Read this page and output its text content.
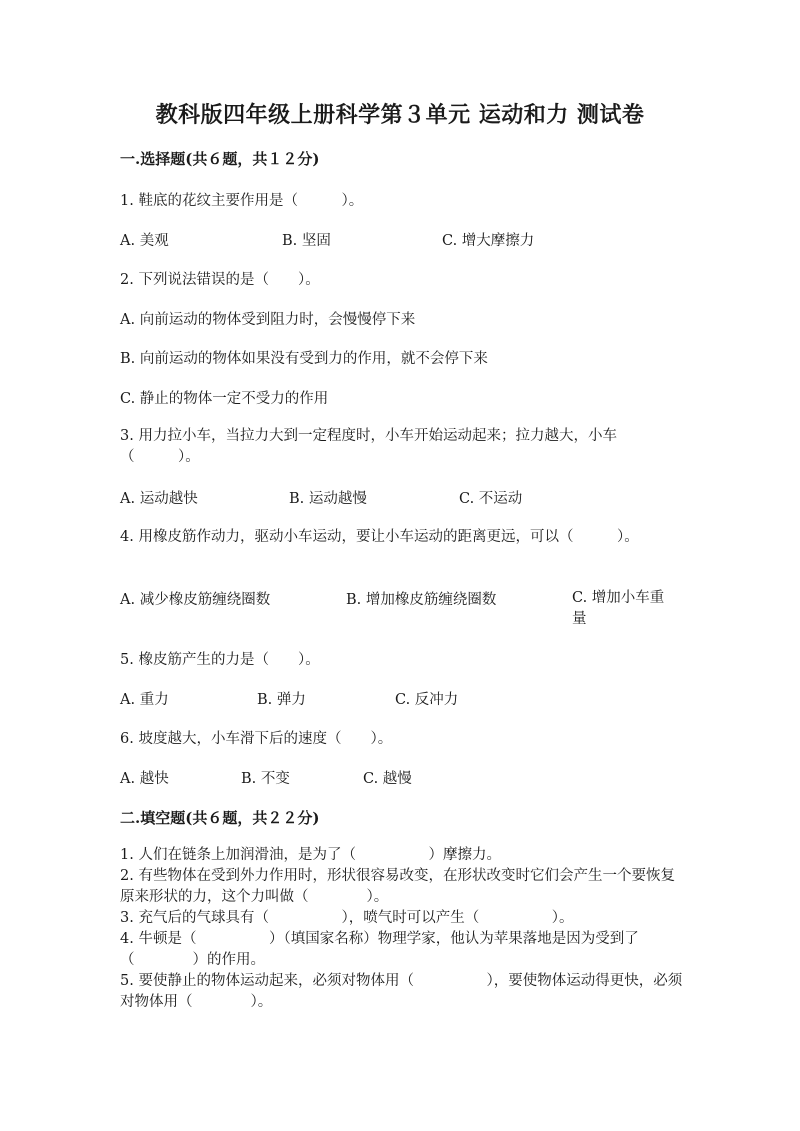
教科版四年级上册科学第３单元 运动和力 测试卷
一.选择题(共６题，共１２分)
1. 鞋底的花纹主要作用是（　　　）。
A. 美观	B. 坚固	C. 增大摩擦力
2. 下列说法错误的是（　　）。
A. 向前运动的物体受到阻力时，会慢慢停下来
B. 向前运动的物体如果没有受到力的作用，就不会停下来
C. 静止的物体一定不受力的作用
3. 用力拉小车，当拉力大到一定程度时，小车开始运动起来；拉力越大，小车（　　　）。
A. 运动越快	B. 运动越慢	C. 不运动
4. 用橡皮筋作动力，驱动小车运动，要让小车运动的距离更远，可以（　　　）。
A. 减少橡皮筋缠绕圈数	B. 增加橡皮筋缠绕圈数	C. 增加小车重量
5. 橡皮筋产生的力是（　　）。
A. 重力	B. 弹力	C. 反冲力
6. 坡度越大，小车滑下后的速度（　　）。
A. 越快	B. 不变	C. 越慢
二.填空题(共６题，共２２分)
1. 人们在链条上加润滑油，是为了（　　　　　）摩擦力。
2. 有些物体在受到外力作用时，形状很容易改变，在形状改变时它们会产生一个要恢复原来形状的力，这个力叫做（　　　　）。
3. 充气后的气球具有（　　　　　），喷气时可以产生（　　　　　）。
4. 牛顿是（　　　　　）（填国家名称）物理学家，他认为苹果落地是因为受到了（　　　　）的作用。
5. 要使静止的物体运动起来，必须对物体用（　　　　　），要使物体运动得更快，必须对物体用（　　　　）。
